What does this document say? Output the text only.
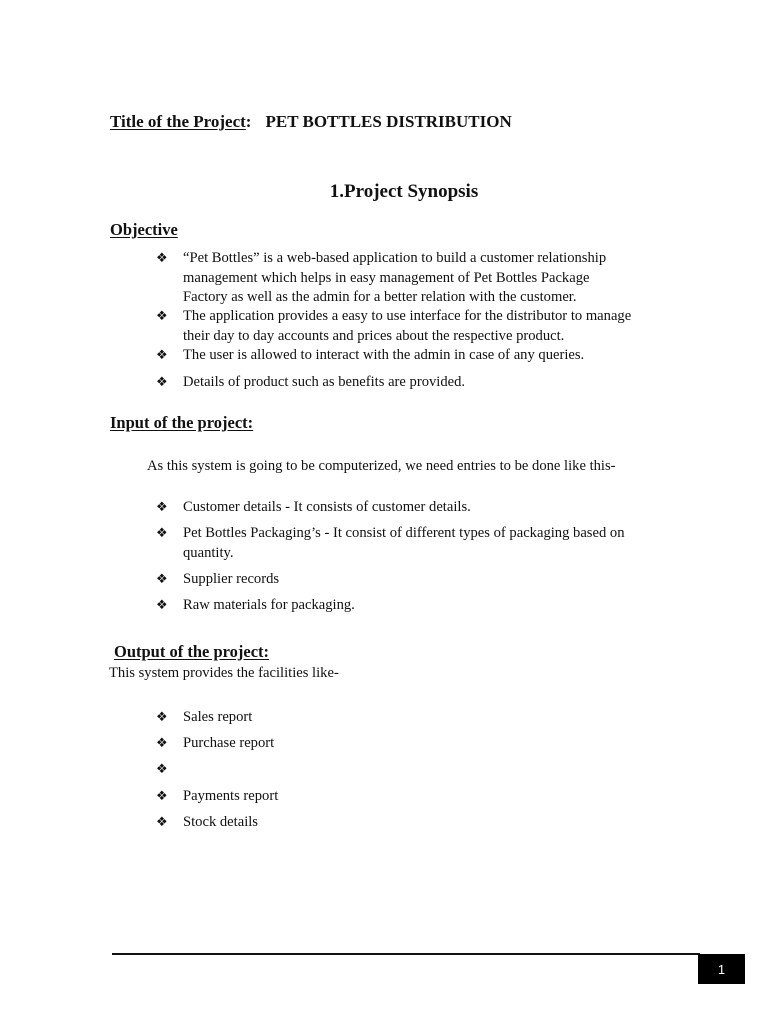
Title of the Project: PET BOTTLES DISTRIBUTION
1.Project Synopsis
Objective
❖ “Pet Bottles” is a web-based application to build a customer relationship
management which helps in easy management of Pet Bottles Package
Factory as well as the admin for a better relation with the customer.
❖ The application provides a easy to use interface for the distributor to manage
their day to day accounts and prices about the respective product.
❖ The user is allowed to interact with the admin in case of any queries.
❖ Details of product such as benefits are provided.
Input of the project:
As this system is going to be computerized, we need entries to be done like this-
❖ Customer details - It consists of customer details.
❖ Pet Bottles Packaging’s - It consist of different types of packaging based on
quantity.
❖ Supplier records
❖ Raw materials for packaging.
Output of the project:
This system provides the facilities like-
❖ Sales report
❖ Purchase report
❖
❖ Payments report
❖ Stock details
1
